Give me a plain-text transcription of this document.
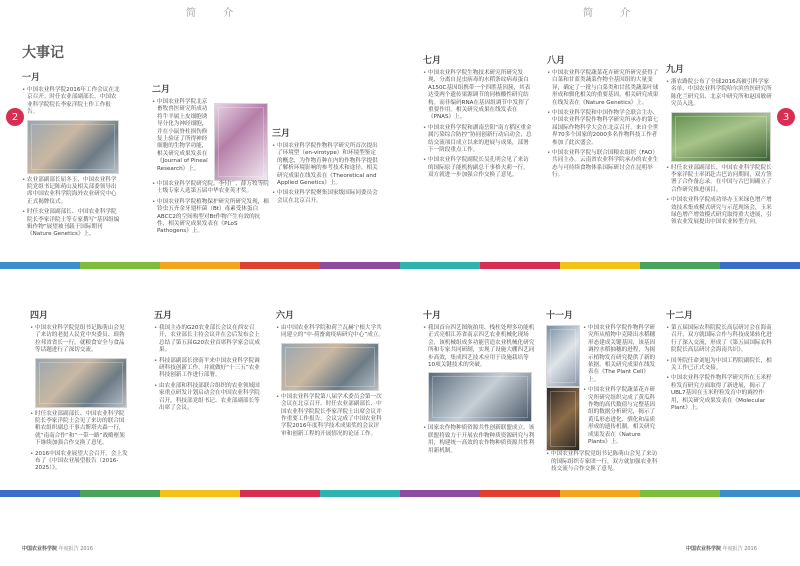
简 介	简 介
大事记
2	3
一月
• 中国农业科学院2016年工作会议在北京召开。时任农业部副部长、中国农业科学院院长李家洋院士作工作报告。
• 农业部副部长屈冬玉、中国农业科学院党组书记陈萌山及相关部委领导出席中国农业科学院海外农业研究中心正式揭牌仪式。
• 时任农业部副部长、中国农业科学院院长李家洋院士等专家撰写“基因组编辑作物”展望被刊载于国际期刊《Nature Genetics》上。
二月
• 中国农业科学院北京畜牧兽医研究所成功将牛羊属上皮细胞诱导分化为神经细胞，并在小鼠脊柱损伤修复上验证了所得神经细胞的生物学功能，相关研究成果发表在《Journal of Pineal Research》上。
• 中国农业科学院研究院、李付广、薛万牧等院士级专家人选第五届中华农业英才奖。
• 中国农业科学院植物保护研究所研究发现，棉铃虫五齐金牙翅杆菌（Bt）毒素受体蛋白ABCC2的空间构型对Bt作物产生有效的抗性，相关研究成果发表在《PLoS Pathogens》上。
三月
• 中国农业科学院作物科学研究所首次提出了环境型（en-virotype）和环境型鉴定的概念，为作物育种在内的作物科学提供了解析环境影响的参考技术和途径。相关研究成果在线发表在《Theoretical and Applied Genetics》上。
• 中国农业科学院聚集国家级国际同委员会会议在北京召开。
七月
• 中国农业科学院生物技术研究所研究发现，分离自昆虫病毒的水稻条纹病毒蛋白A150C基因组携带一个四胜基因簇，其表达受两个遗传果源调节的同核酸性研究结构。而非编码RNA在基因组调节中发挥了重要作用。相关研究成果在线发表在《PNAS》上。
• 中国农业科学院和湖南岳阳“南方稻区重金属污染综合防控”协同创新行动启动会，总结交流项目成立以来的进展与成果，部署下一阶段重点工作。
• 中国农业科学院副院长吴孔明会见了来访的国际原子能机构副总干事格夫莉一行，双方就进一步加强合作交换了意见。
八月
• 中国农业科学院蔬菜花卉研究所研究获得了白菜和甘蓝类蔬菜作物全基因组的大量变异，确定了一批与白菜类和甘蓝类蔬菜叶球形成和驯化相关的重要基因。相关研究成果在线发表在《Nature Genetics》上。
• 中国农业科学院和中国作物学会联合主办、中国农业科学院作物科学研究所承办的第七届国际作物科学大会在北京召开。来自全世界70多个国家的2000多名作物科技工作者参加了此次盛会。
• 中国农业科学院与联合国粮农组织（FAO）共同主办。云南省农业科学院承办的农业生态与可持续食物体系国际研讨会在昆明举行。
九月
• 浙农路院公布了全球2016高被引科学家名单，中国农业科学院哈尔滨兽医研究所陈化兰研究员、北京中研究所和赵国敏研究员入选。
• 时任农业部副部长、中国农业科学院院长李家洋院士率团赴古巴访问期间，双方签署了合作备忘录。在中国与古巴间确立了合作研究推进项目。
• 中国农业科学院成功举办玉米绿色增产增效技术集成模式研究与示范现场会，玉米绿色增产增效模式研究取得重大进展，引领农业发展提出中国农业转型方向。
四月
• 中国农业科学院党组书记陈萌山会见了来访的老挝人民党中央委员、琅勃拉邦省省长一行，就粮食安全与食品等话题进行了深切交流。
• 时任农业部副部长、中国农业科学院院长李家洋院士会见了来访的联合国粮农组织副总干事古斯塔夫森一行，就“南南合作”和“一带一路”战略框架下继续加强合作交换了意见。
• 2016中国农业展望大会召开，会上发布了《中国农业展望报告（2016-2025）》。
五月
• 我国主办的G20农业部长会议在西安召开，农业部长主持会议并在会后发布会上总结了第五届G20农业首席科学家会议成果。
• 科技部副部长徐南平来中国农业科学院调研科技创新工作，并就做好“十三五”农业科技创新工作进行部署。
• 由农业部和科技部联合组织的农业领域国家重点研发计划启动会在中国农业科学院召开。科技部党组书记、农业部副部长等出席了会议。
六月
• 由中国农业科学院和荷兰瓦赫宁根大学共同建立的“中-荷畜禽疫病研究中心”成立。
• 中国农业科学院第八届学术委员会第一次会议在北京召开。时任农业部副部长、中国农业科学院院长李家洋院士出席会议并作重要工作报告，会议完成了中国农业科学院2016年度科学技术成果奖的会议评审和创新工程的开展情况的论证工作。
十月
• 我国首台四艺图航拍用、栈柱处理多功能机正式亮相江苏省南京四艺农业机械化现场会，该机械组成多功能营造农业机械化研究所和专家共同研制，实现了设施大棚四艺同步高效，集成四艺技术应用于设施栽培等10项关键技术的突破。
• 国家农作物种质资源共性创新联盟成立。该联盟将致力于开展农作物种质资源研究与利用，构建统一高效的农作物种质资源共性利用新机制。
十一月
• 中国农业科学院作物科学研究所从植物中克隆出水稻穗形态建成关键基因，该基因调控水稻抽穗的进程，为揭示植物发育研究提供了新的依据。相关研究成果在线发表在《The Plant Cell》上。
• 中国农业科学院蔬菜花卉研究所研究组织完成了黄瓜科作物的高代数值与完整基因组的数据分析研究，揭示了黄瓜形态进化、驯化和品质形成的遗传机制。相关研究成果发表在《Nature Plants》上。
• 中国农业科学院党组书记陈萌山会见了来访的国际组织专家团一行，双方就加强农业科技交流与合作交换了意见。
十二月
• 第五届国际农科院院长高层研讨会在海南召开，双方就国际合作与科技成果转化进行了深入交流，形成了《第五届国际农科院院长高层研讨会海南共识》。
• 国务院任命刘旭为中国工程院副院长，相关工作已正式交接。
• 中国农业科学院作物科学研究所在玉米籽粒发育研究方面取得了新进展，揭示了UBL7基因在玉米籽粒发育中的调控作用，相关研究成果发表在《Molecular Plant》上。
中国农业科学院 年度报告 2016	中国农业科学院 年度报告 2016
